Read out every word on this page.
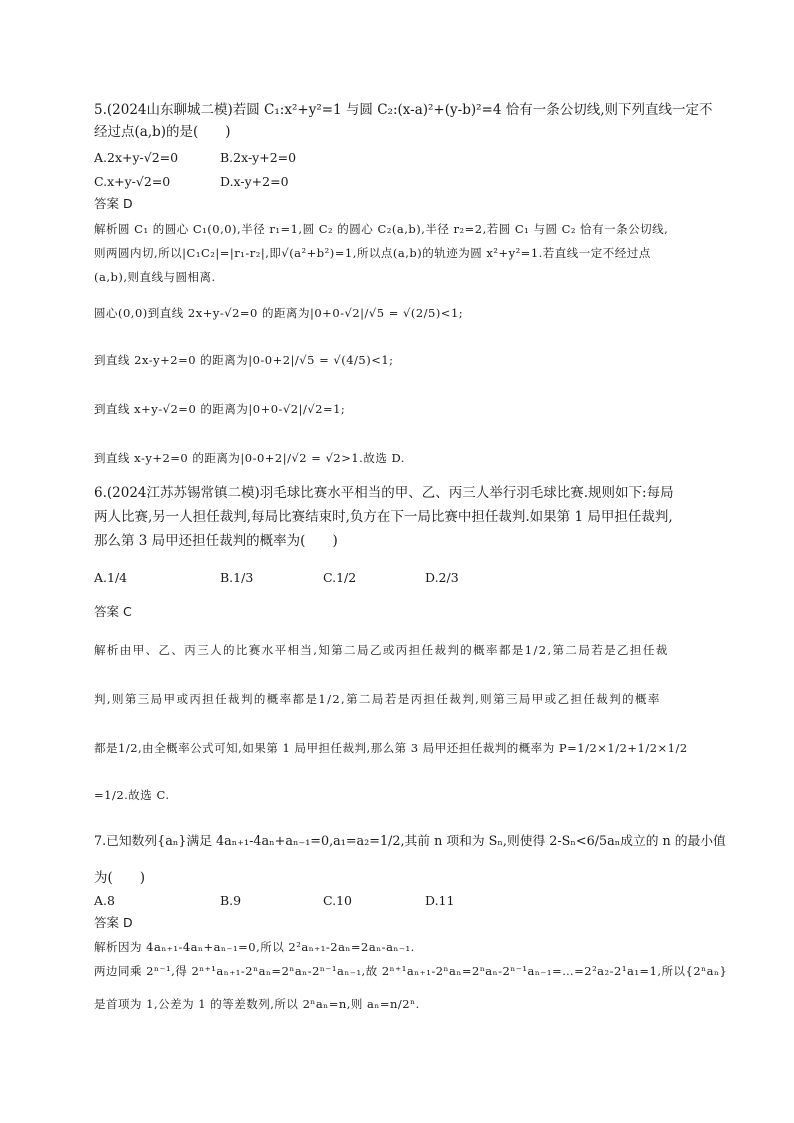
5.(2024山东聊城二模)若圆 C₁:x²+y²=1 与圆 C₂:(x-a)²+(y-b)²=4 恰有一条公切线,则下列直线一定不
经过点(a,b)的是(　　)
A.2x+y-√2=0	B.2x-y+2=0
C.x+y-√2=0	D.x-y+2=0
答案 D
解析圆 C₁ 的圆心 C₁(0,0),半径 r₁=1,圆 C₂ 的圆心 C₂(a,b),半径 r₂=2,若圆 C₁ 与圆 C₂ 恰有一条公切线,
则两圆内切,所以|C₁C₂|=|r₁-r₂|,即√(a²+b²)=1,所以点(a,b)的轨迹为圆 x²+y²=1.若直线一定不经过点
(a,b),则直线与圆相离.
圆心(0,0)到直线 2x+y-√2=0 的距离为|0+0-√2|/√5 = √(2/5)<1;
到直线 2x-y+2=0 的距离为|0-0+2|/√5 = √(4/5)<1;
到直线 x+y-√2=0 的距离为|0+0-√2|/√2=1;
到直线 x-y+2=0 的距离为|0-0+2|/√2 = √2>1.故选 D.
6.(2024江苏苏锡常镇二模)羽毛球比赛水平相当的甲、乙、丙三人举行羽毛球比赛.规则如下:每局
两人比赛,另一人担任裁判,每局比赛结束时,负方在下一局比赛中担任裁判.如果第 1 局甲担任裁判,
那么第 3 局甲还担任裁判的概率为(　　)
A.1/4	B.1/3	C.1/2	D.2/3
答案 C
解析由甲、乙、丙三人的比赛水平相当,知第二局乙或丙担任裁判的概率都是1/2,第二局若是乙担任裁
判,则第三局甲或丙担任裁判的概率都是1/2,第二局若是丙担任裁判,则第三局甲或乙担任裁判的概率
都是1/2,由全概率公式可知,如果第 1 局甲担任裁判,那么第 3 局甲还担任裁判的概率为 P=1/2×1/2+1/2×1/2
=1/2.故选 C.
7.已知数列{aₙ}满足 4aₙ₊₁-4aₙ+aₙ₋₁=0,a₁=a₂=1/2,其前 n 项和为 Sₙ,则使得 2-Sₙ<6/5aₙ成立的 n 的最小值
为(　　)
A.8	B.9	C.10	D.11
答案 D
解析因为 4aₙ₊₁-4aₙ+aₙ₋₁=0,所以 2²aₙ₊₁-2aₙ=2aₙ-aₙ₋₁.
两边同乘 2ⁿ⁻¹,得 2ⁿ⁺¹aₙ₊₁-2ⁿaₙ=2ⁿaₙ-2ⁿ⁻¹aₙ₋₁,故 2ⁿ⁺¹aₙ₊₁-2ⁿaₙ=2ⁿaₙ-2ⁿ⁻¹aₙ₋₁=…=2²a₂-2¹a₁=1,所以{2ⁿaₙ}
是首项为 1,公差为 1 的等差数列,所以 2ⁿaₙ=n,则 aₙ=n/2ⁿ.
